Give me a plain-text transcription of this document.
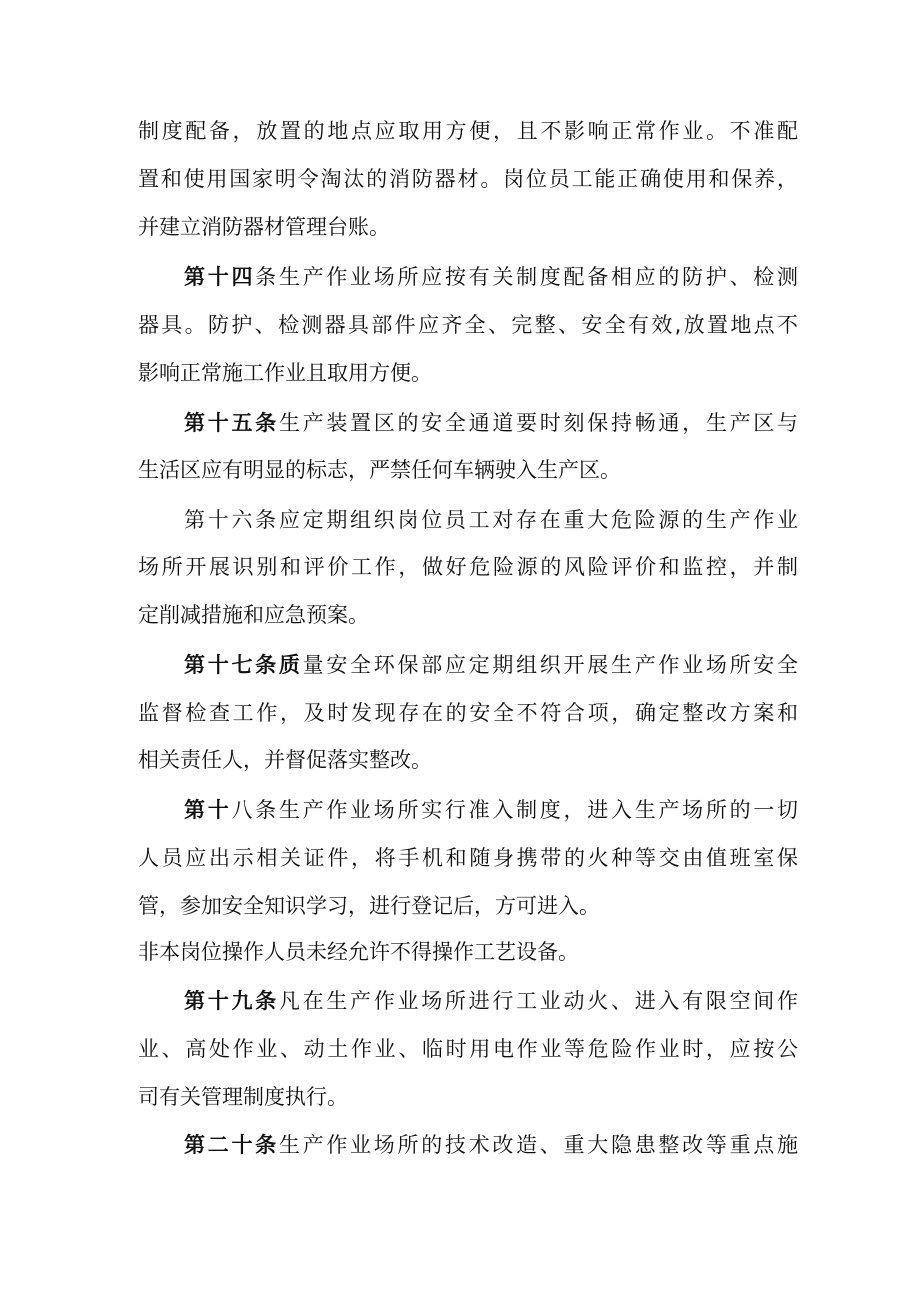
制度配备，放置的地点应取用方便，且不影响正常作业。不准配
置和使用国家明令淘汰的消防器材。岗位员工能正确使用和保养，
并建立消防器材管理台账。
第十四条生产作业场所应按有关制度配备相应的防护、检测
器具。防护、检测器具部件应齐全、完整、安全有效,放置地点不
影响正常施工作业且取用方便。
第十五条生产装置区的安全通道要时刻保持畅通，生产区与
生活区应有明显的标志，严禁任何车辆驶入生产区。
第十六条应定期组织岗位员工对存在重大危险源的生产作业
场所开展识别和评价工作，做好危险源的风险评价和监控，并制
定削减措施和应急预案。
第十七条质量安全环保部应定期组织开展生产作业场所安全
监督检查工作，及时发现存在的安全不符合项，确定整改方案和
相关责任人，并督促落实整改。
第十八条生产作业场所实行准入制度，进入生产场所的一切
人员应出示相关证件，将手机和随身携带的火种等交由值班室保
管，参加安全知识学习，进行登记后，方可进入。
非本岗位操作人员未经允许不得操作工艺设备。
第十九条凡在生产作业场所进行工业动火、进入有限空间作
业、高处作业、动土作业、临时用电作业等危险作业时，应按公
司有关管理制度执行。
第二十条生产作业场所的技术改造、重大隐患整改等重点施
